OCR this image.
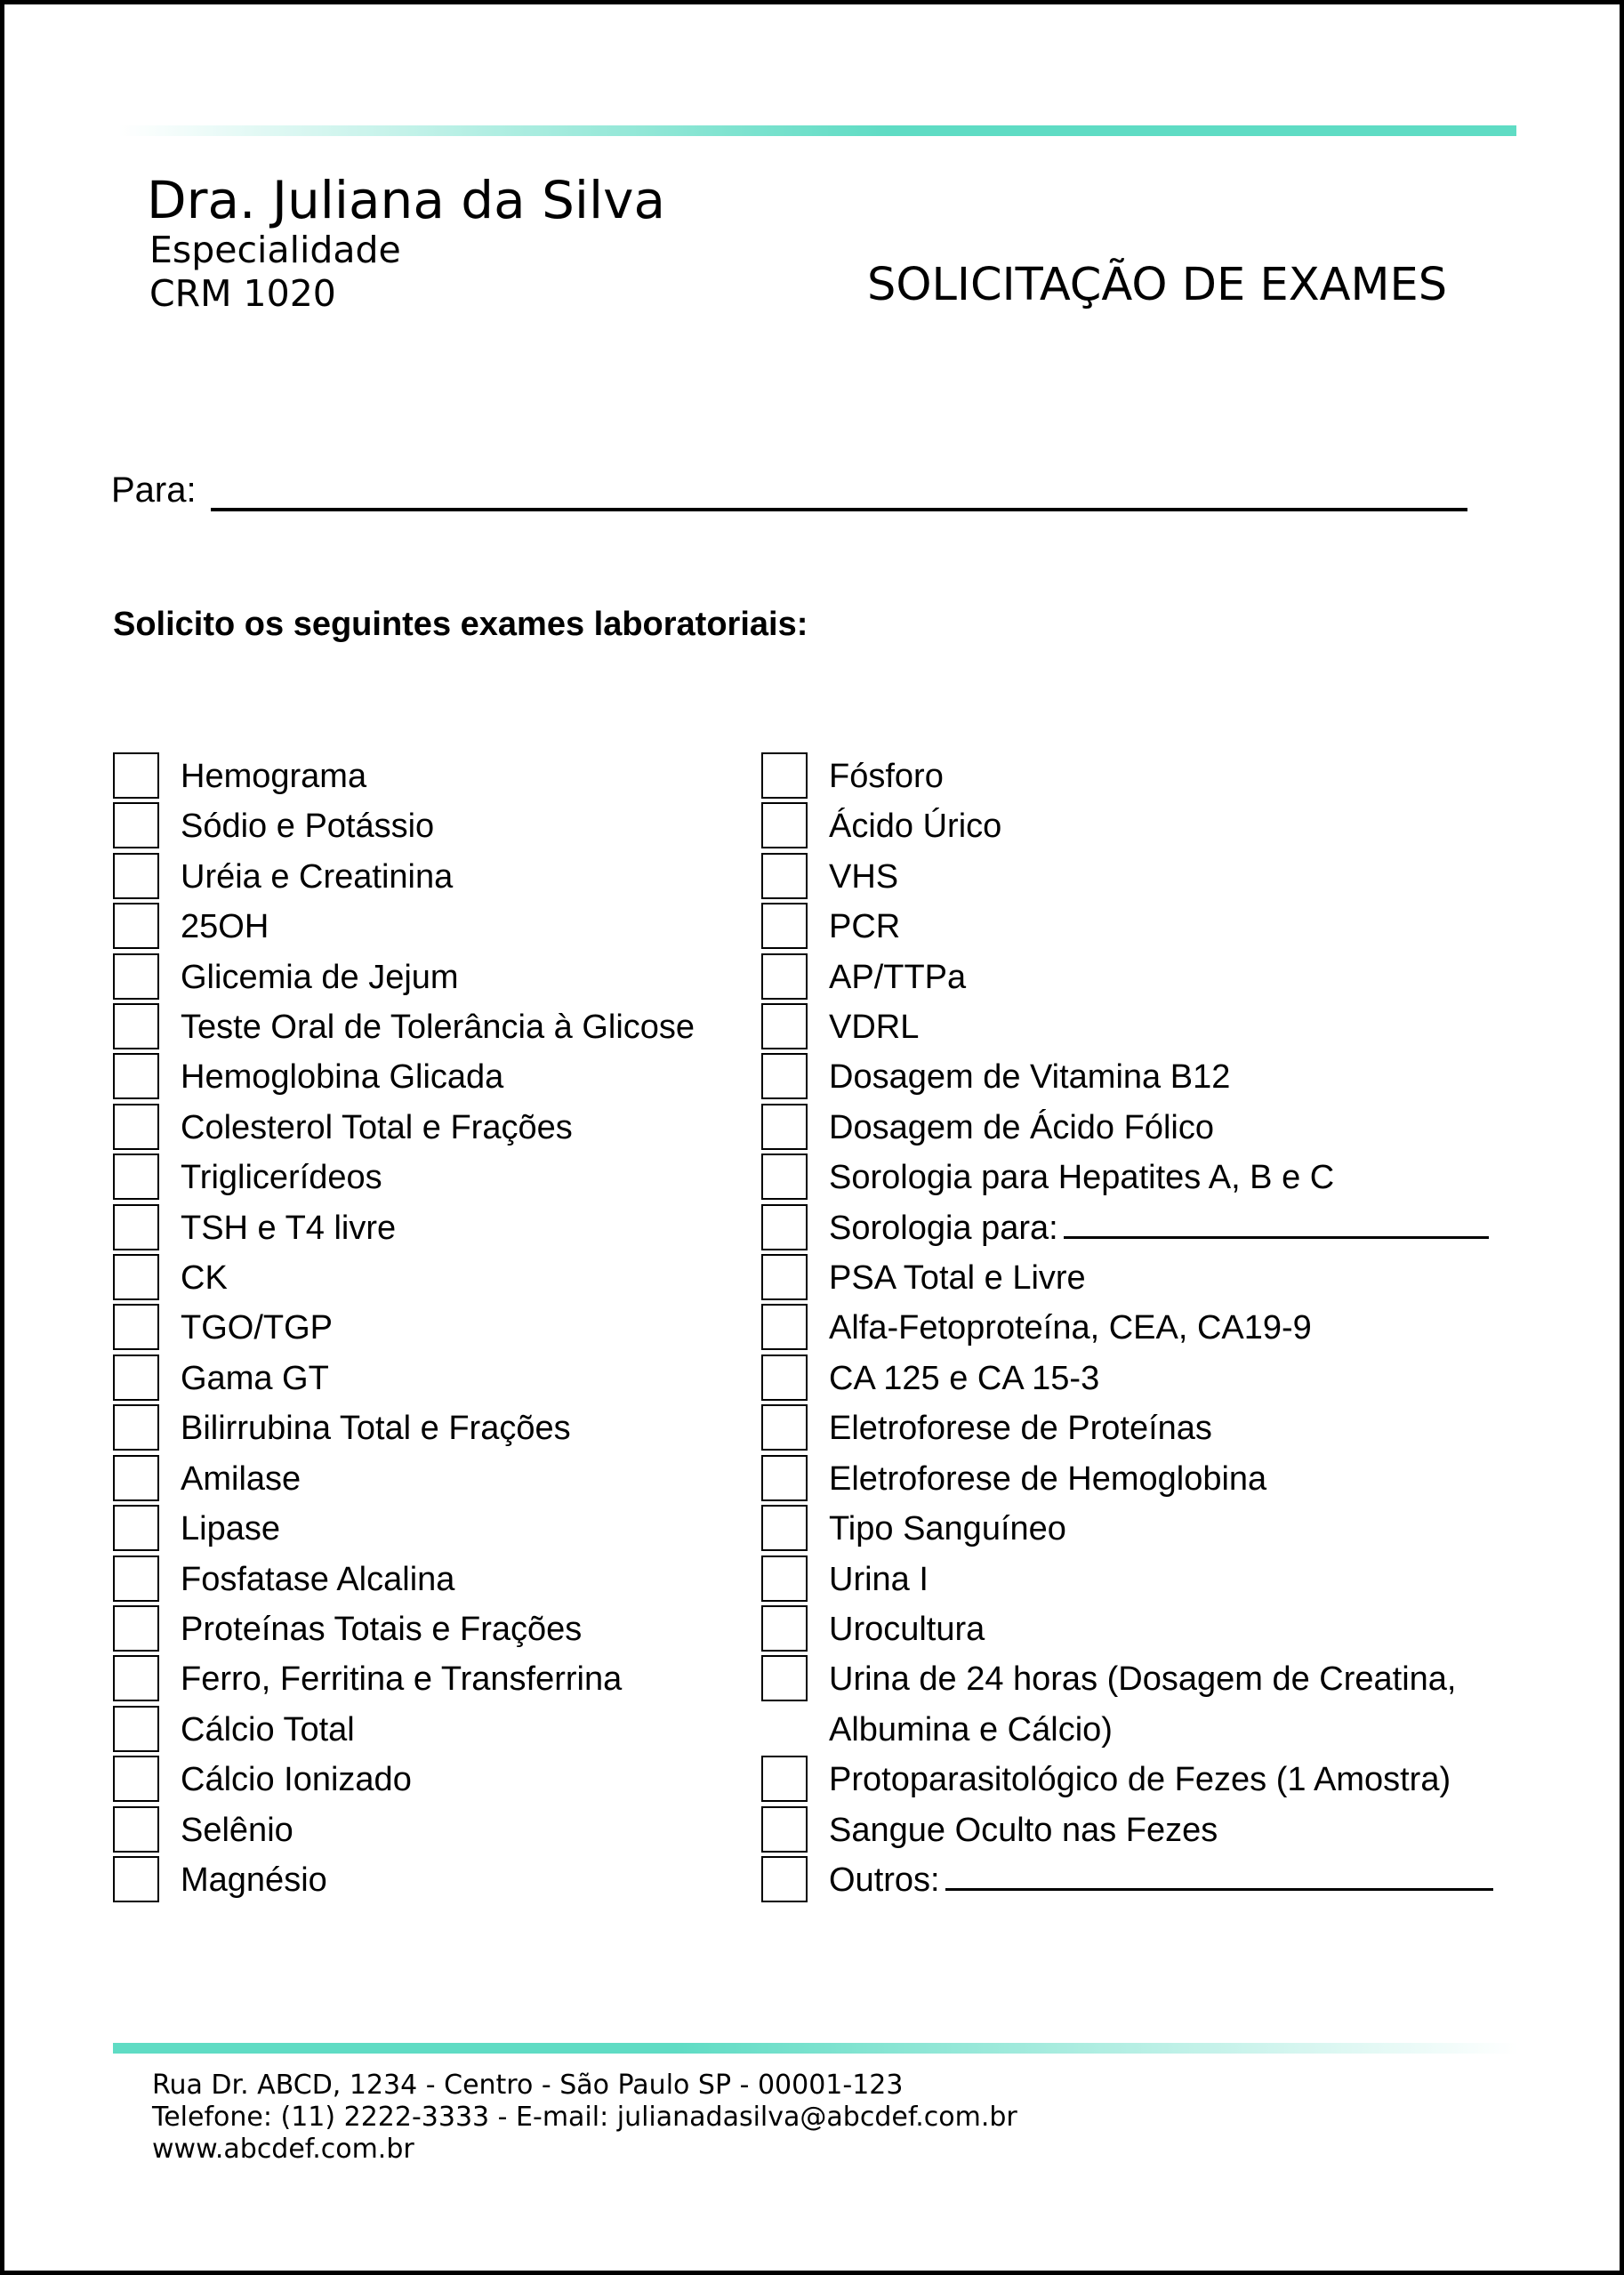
Dra. Juliana da Silva
Especialidade
CRM 1020	SOLICITAÇÃO DE EXAMES
Para:
Solicito os seguintes exames laboratoriais:
Hemograma
Sódio e Potássio
Uréia e Creatinina
25OH
Glicemia de Jejum
Teste Oral de Tolerância à Glicose
Hemoglobina Glicada
Colesterol Total e Frações
Triglicerídeos
TSH e T4 livre
CK
TGO/TGP
Gama GT
Bilirrubina Total e Frações
Amilase
Lipase
Fosfatase Alcalina
Proteínas Totais e Frações
Ferro, Ferritina e Transferrina
Cálcio Total
Cálcio Ionizado
Selênio
Magnésio
Fósforo
Ácido Úrico
VHS
PCR
AP/TTPa
VDRL
Dosagem de Vitamina B12
Dosagem de Ácido Fólico
Sorologia para Hepatites A, B e C
Sorologia para:
PSA Total e Livre
Alfa-Fetoproteína, CEA, CA19-9
CA 125 e CA 15-3
Eletroforese de Proteínas
Eletroforese de Hemoglobina
Tipo Sanguíneo
Urina I
Urocultura
Urina de 24 horas (Dosagem de Creatina, Albumina e Cálcio)
Protoparasitológico de Fezes (1 Amostra)
Sangue Oculto nas Fezes
Outros:
Rua Dr. ABCD, 1234 - Centro - São Paulo SP - 00001-123
Telefone: (11) 2222-3333 - E-mail: julianadasilva@abcdef.com.br
www.abcdef.com.br
